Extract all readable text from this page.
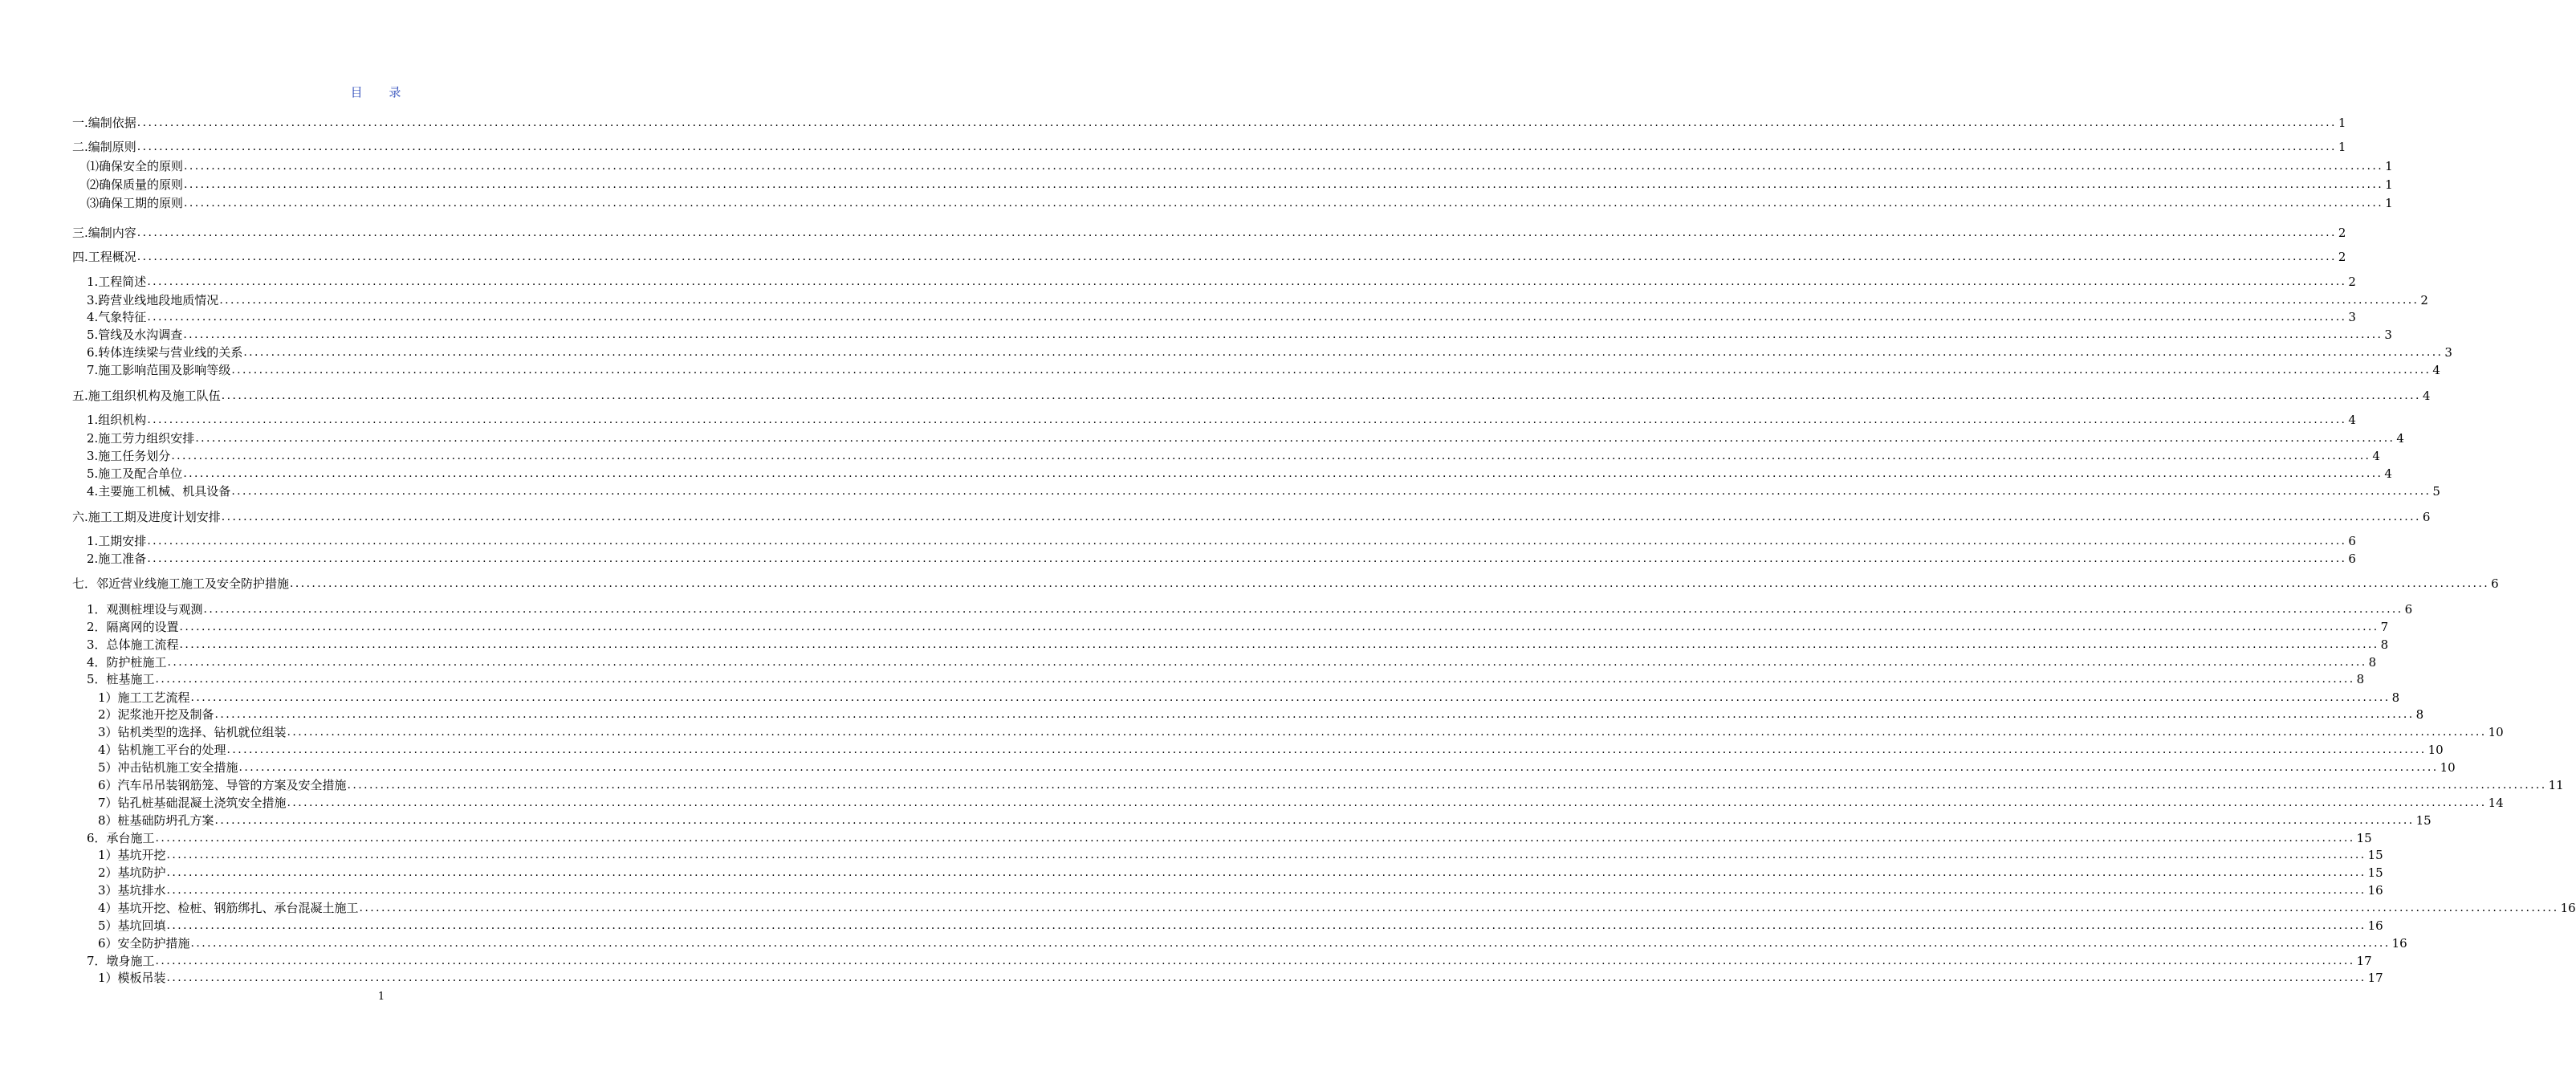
目 录
一.编制依据 ................................................................................................................................................................................................................................................................................................................................................................................................................ 1
二.编制原则 ................................................................................................................................................................................................................................................................................................................................................................................................................ 1
⑴确保安全的原则 ................................................................................................................................................................................................................................................................................................................................................................................................................ 1
⑵确保质量的原则 ................................................................................................................................................................................................................................................................................................................................................................................................................ 1
⑶确保工期的原则 ................................................................................................................................................................................................................................................................................................................................................................................................................ 1
三.编制内容 ................................................................................................................................................................................................................................................................................................................................................................................................................ 2
四.工程概况 ................................................................................................................................................................................................................................................................................................................................................................................................................ 2
1.工程简述 ................................................................................................................................................................................................................................................................................................................................................................................................................ 2
3.跨营业线地段地质情况 ................................................................................................................................................................................................................................................................................................................................................................................................................ 2
4.气象特征 ................................................................................................................................................................................................................................................................................................................................................................................................................ 3
5.管线及水沟调查 ................................................................................................................................................................................................................................................................................................................................................................................................................ 3
6.转体连续梁与营业线的关系 ................................................................................................................................................................................................................................................................................................................................................................................................................ 3
7.施工影响范围及影响等级 ................................................................................................................................................................................................................................................................................................................................................................................................................ 4
五.施工组织机构及施工队伍 ................................................................................................................................................................................................................................................................................................................................................................................................................ 4
1.组织机构 ................................................................................................................................................................................................................................................................................................................................................................................................................ 4
2.施工劳力组织安排 ................................................................................................................................................................................................................................................................................................................................................................................................................ 4
3.施工任务划分 ................................................................................................................................................................................................................................................................................................................................................................................................................ 4
5.施工及配合单位 ................................................................................................................................................................................................................................................................................................................................................................................................................ 4
4.主要施工机械、机具设备 ................................................................................................................................................................................................................................................................................................................................................................................................................ 5
六.施工工期及进度计划安排 ................................................................................................................................................................................................................................................................................................................................................................................................................ 6
1.工期安排 ................................................................................................................................................................................................................................................................................................................................................................................................................ 6
2.施工准备 ................................................................................................................................................................................................................................................................................................................................................................................................................ 6
七．邻近营业线施工施工及安全防护措施 ................................................................................................................................................................................................................................................................................................................................................................................................................ 6
1．观测桩埋设与观测 ................................................................................................................................................................................................................................................................................................................................................................................................................ 6
2．隔离网的设置 ................................................................................................................................................................................................................................................................................................................................................................................................................ 7
3．总体施工流程 ................................................................................................................................................................................................................................................................................................................................................................................................................ 8
4．防护桩施工 ................................................................................................................................................................................................................................................................................................................................................................................................................ 8
5．桩基施工 ................................................................................................................................................................................................................................................................................................................................................................................................................ 8
1）施工工艺流程 ................................................................................................................................................................................................................................................................................................................................................................................................................ 8
2）泥浆池开挖及制备 ................................................................................................................................................................................................................................................................................................................................................................................................................ 8
3）钻机类型的选择、钻机就位组装 ................................................................................................................................................................................................................................................................................................................................................................................................................ 10
4）钻机施工平台的处理 ................................................................................................................................................................................................................................................................................................................................................................................................................ 10
5）冲击钻机施工安全措施 ................................................................................................................................................................................................................................................................................................................................................................................................................ 10
6）汽车吊吊装钢筋笼、导管的方案及安全措施 ................................................................................................................................................................................................................................................................................................................................................................................................................ 11
7）钻孔桩基础混凝土浇筑安全措施 ................................................................................................................................................................................................................................................................................................................................................................................................................ 14
8）桩基础防坍孔方案 ................................................................................................................................................................................................................................................................................................................................................................................................................ 15
6．承台施工 ................................................................................................................................................................................................................................................................................................................................................................................................................ 15
1）基坑开挖 ................................................................................................................................................................................................................................................................................................................................................................................................................ 15
2）基坑防护 ................................................................................................................................................................................................................................................................................................................................................................................................................ 15
3）基坑排水 ................................................................................................................................................................................................................................................................................................................................................................................................................ 16
4）基坑开挖、检桩、钢筋绑扎、承台混凝土施工 ................................................................................................................................................................................................................................................................................................................................................................................................................ 16
5）基坑回填 ................................................................................................................................................................................................................................................................................................................................................................................................................ 16
6）安全防护措施 ................................................................................................................................................................................................................................................................................................................................................................................................................ 16
7．墩身施工 ................................................................................................................................................................................................................................................................................................................................................................................................................ 17
1）模板吊装 ................................................................................................................................................................................................................................................................................................................................................................................................................ 17
1
